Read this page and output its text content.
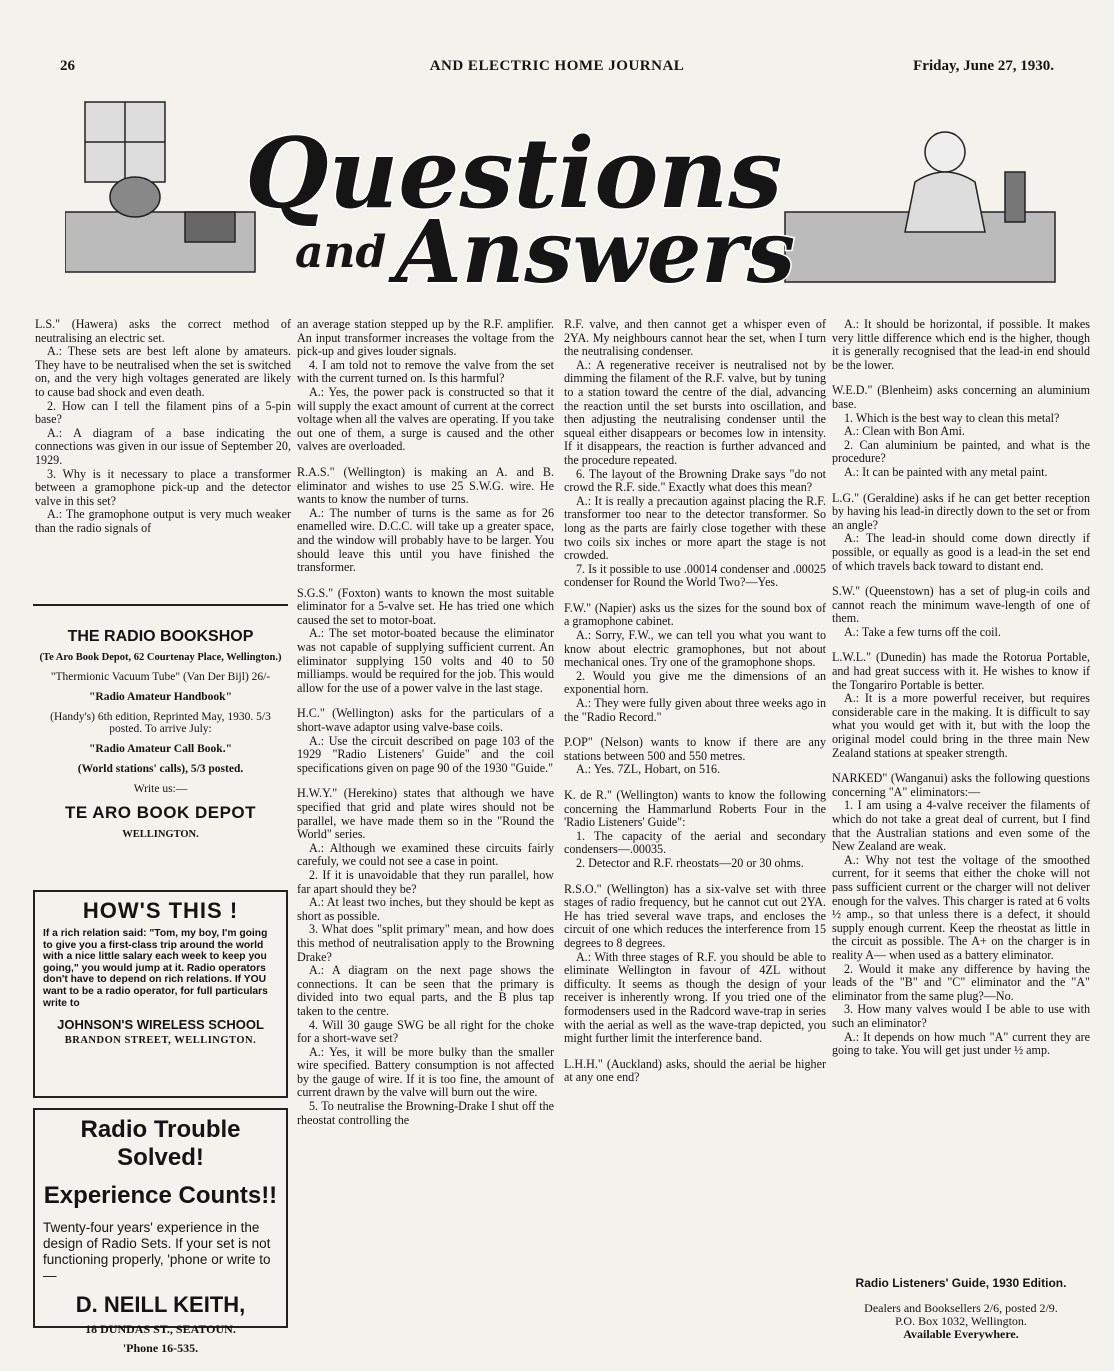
26	AND ELECTRIC HOME JOURNAL	Friday, June 27, 1930.
Questions
and Answers

L.S." (Hawera) asks the correct method of neutralising an electric set.

A.: These sets are best left alone by amateurs. They have to be neutralised when the set is switched on, and the very high voltages generated are likely to cause bad shock and even death.

2. How can I tell the filament pins of a 5-pin base?

A.: A diagram of a base indicating the connections was given in our issue of September 20, 1929.

3. Why is it necessary to place a transformer between a gramophone pick-up and the detector valve in this set?

A.: The gramophone output is very much weaker than the radio signals of

THE RADIO BOOKSHOP
(Te Aro Book Depot, 62 Courtenay Place, Wellington.)
"Thermionic Vacuum Tube" (Van Der Bijl) 26/-
"Radio Amateur Handbook"
(Handy's) 6th edition, Reprinted May, 1930. 5/3 posted. To arrive July:
"Radio Amateur Call Book."
(World stations' calls), 5/3 posted.
Write us:—
TE ARO BOOK DEPOT
WELLINGTON.
HOW'S THIS !
If a rich relation said: "Tom, my boy, I'm going to give you a first-class trip around the world with a nice little salary each week to keep you going," you would jump at it. Radio operators don't have to depend on rich relations. If YOU want to be a radio operator, for full particulars write to
JOHNSON'S WIRELESS SCHOOL
BRANDON STREET, WELLINGTON.
Radio Trouble Solved!
Experience Counts!!
Twenty-four years' experience in the design of Radio Sets. If your set is not functioning properly, 'phone or write to—
D. NEILL KEITH,
18 DUNDAS ST., SEATOUN.
'Phone 16-535.

an average station stepped up by the R.F. amplifier. An input transformer increases the voltage from the pick-up and gives louder signals.

4. I am told not to remove the valve from the set with the current turned on. Is this harmful?

A.: Yes, the power pack is constructed so that it will supply the exact amount of current at the correct voltage when all the valves are operating. If you take out one of them, a surge is caused and the other valves are overloaded.

R.A.S." (Wellington) is making an A. and B. eliminator and wishes to use 25 S.W.G. wire. He wants to know the number of turns.

A.: The number of turns is the same as for 26 enamelled wire. D.C.C. will take up a greater space, and the window will probably have to be larger. You should leave this until you have finished the transformer.

S.G.S." (Foxton) wants to known the most suitable eliminator for a 5-valve set. He has tried one which caused the set to motor-boat.

A.: The set motor-boated because the eliminator was not capable of supplying sufficient current. An eliminator supplying 150 volts and 40 to 50 milliamps. would be required for the job. This would allow for the use of a power valve in the last stage.

H.C." (Wellington) asks for the particulars of a short-wave adaptor using valve-base coils.

A.: Use the circuit described on page 103 of the 1929 "Radio Listeners' Guide" and the coil specifications given on page 90 of the 1930 "Guide."

H.W.Y." (Herekino) states that although we have specified that grid and plate wires should not be parallel, we have made them so in the "Round the World" series.

A.: Although we examined these circuits fairly carefuly, we could not see a case in point.

2. If it is unavoidable that they run parallel, how far apart should they be?

A.: At least two inches, but they should be kept as short as possible.

3. What does "split primary" mean, and how does this method of neutralisation apply to the Browning Drake?

A.: A diagram on the next page shows the connections. It can be seen that the primary is divided into two equal parts, and the B plus tap taken to the centre.

4. Will 30 gauge SWG be all right for the choke for a short-wave set?

A.: Yes, it will be more bulky than the smaller wire specified. Battery consumption is not affected by the gauge of wire. If it is too fine, the amount of current drawn by the valve will burn out the wire.

5. To neutralise the Browning-Drake I shut off the rheostat controlling the

R.F. valve, and then cannot get a whisper even of 2YA. My neighbours cannot hear the set, when I turn the neutralising condenser.

A.: A regenerative receiver is neutralised not by dimming the filament of the R.F. valve, but by tuning to a station toward the centre of the dial, advancing the reaction until the set bursts into oscillation, and then adjusting the neutralising condenser until the squeal either disappears or becomes low in intensity. If it disappears, the reaction is further advanced and the procedure repeated.

6. The layout of the Browning Drake says "do not crowd the R.F. side." Exactly what does this mean?

A.: It is really a precaution against placing the R.F. transformer too near to the detector transformer. So long as the parts are fairly close together with these two coils six inches or more apart the stage is not crowded.

7. Is it possible to use .00014 condenser and .00025 condenser for Round the World Two?—Yes.

F.W." (Napier) asks us the sizes for the sound box of a gramophone cabinet.

A.: Sorry, F.W., we can tell you what you want to know about electric gramophones, but not about mechanical ones. Try one of the gramophone shops.

2. Would you give me the dimensions of an exponential horn.

A.: They were fully given about three weeks ago in the "Radio Record."

P.OP" (Nelson) wants to know if there are any stations between 500 and 550 metres.

A.: Yes. 7ZL, Hobart, on 516.

K. de R." (Wellington) wants to know the following concerning the Hammarlund Roberts Four in the 'Radio Listeners' Guide":

1. The capacity of the aerial and secondary condensers—.00035.

2. Detector and R.F. rheostats—20 or 30 ohms.

R.S.O." (Wellington) has a six-valve set with three stages of radio frequency, but he cannot cut out 2YA. He has tried several wave traps, and encloses the circuit of one which reduces the interference from 15 degrees to 8 degrees.

A.: With three stages of R.F. you should be able to eliminate Wellington in favour of 4ZL without difficulty. It seems as though the design of your receiver is inherently wrong. If you tried one of the formodensers used in the Radcord wave-trap in series with the aerial as well as the wave-trap depicted, you might further limit the interference band.

L.H.H." (Auckland) asks, should the aerial be higher at any one end?

A.: It should be horizontal, if possible. It makes very little difference which end is the higher, though it is generally recognised that the lead-in end should be the lower.

W.E.D." (Blenheim) asks concerning an aluminium base.

1. Which is the best way to clean this metal?

A.: Clean with Bon Ami.

2. Can aluminium be painted, and what is the procedure?

A.: It can be painted with any metal paint.

L.G." (Geraldine) asks if he can get better reception by having his lead-in directly down to the set or from an angle?

A.: The lead-in should come down directly if possible, or equally as good is a lead-in the set end of which travels back toward to distant end.

S.W." (Queenstown) has a set of plug-in coils and cannot reach the minimum wave-length of one of them.

A.: Take a few turns off the coil.

L.W.L." (Dunedin) has made the Rotorua Portable, and had great success with it. He wishes to know if the Tongariro Portable is better.

A.: It is a more powerful receiver, but requires considerable care in the making. It is difficult to say what you would get with it, but with the loop the original model could bring in the three main New Zealand stations at speaker strength.

NARKED" (Wanganui) asks the following questions concerning "A" eliminators:—

1. I am using a 4-valve receiver the filaments of which do not take a great deal of current, but I find that the Australian stations and even some of the New Zealand are weak.

A.: Why not test the voltage of the smoothed current, for it seems that either the choke will not pass sufficient current or the charger will not deliver enough for the valves. This charger is rated at 6 volts ½ amp., so that unless there is a defect, it should supply enough current. Keep the rheostat as little in the circuit as possible. The A+ on the charger is in reality A— when used as a battery eliminator.

2. Would it make any difference by having the leads of the "B" and "C" eliminator and the "A" eliminator from the same plug?—No.

3. How many valves would I be able to use with such an eliminator?

A.: It depends on how much "A" current they are going to take. You will get just under ½ amp.

Radio Listeners' Guide, 1930 Edition.
Dealers and Booksellers 2/6, posted 2/9.
P.O. Box 1032, Wellington.
Available Everywhere.
